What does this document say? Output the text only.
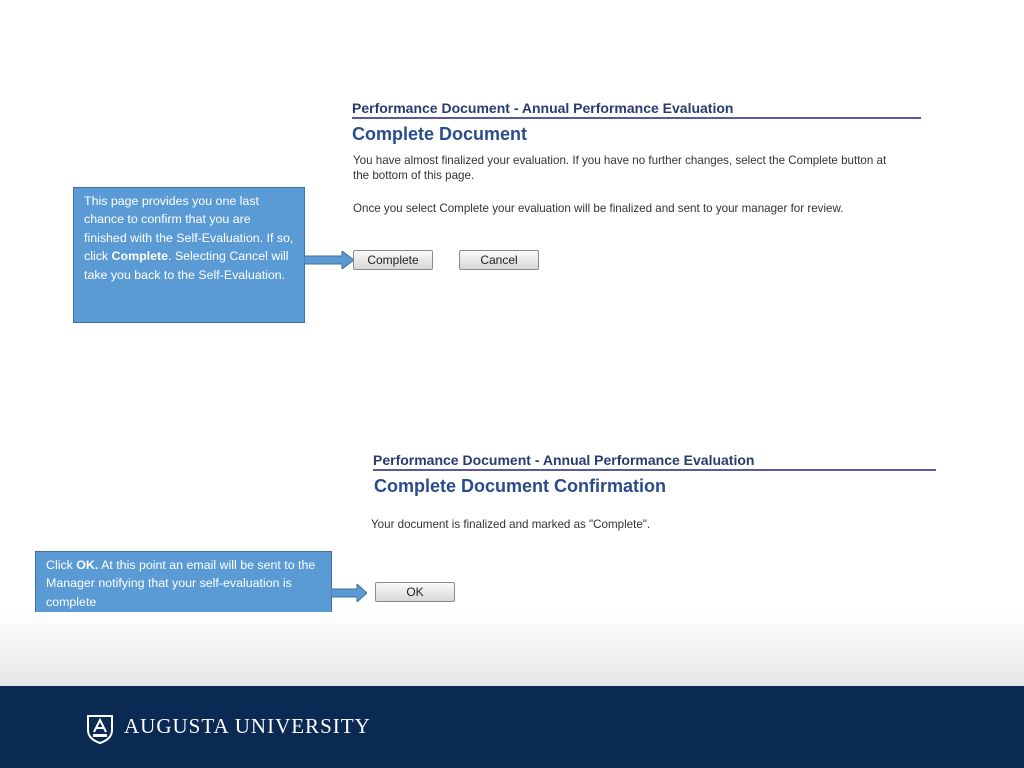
This page provides you one last chance to confirm that you are finished with the Self-Evaluation. If so, click Complete. Selecting Cancel will take you back to the Self-Evaluation.
Performance Document - Annual Performance Evaluation
Complete Document
You have almost finalized your evaluation. If you have no further changes, select the Complete button at the bottom of this page.
Once you select Complete your evaluation will be finalized and sent to your manager for review.
Complete	Cancel
Performance Document - Annual Performance Evaluation
Complete Document Confirmation
Your document is finalized and marked as "Complete".
Click OK. At this point an email will be sent to the Manager notifying that your self-evaluation is complete
OK
AUGUSTA UNIVERSITY
